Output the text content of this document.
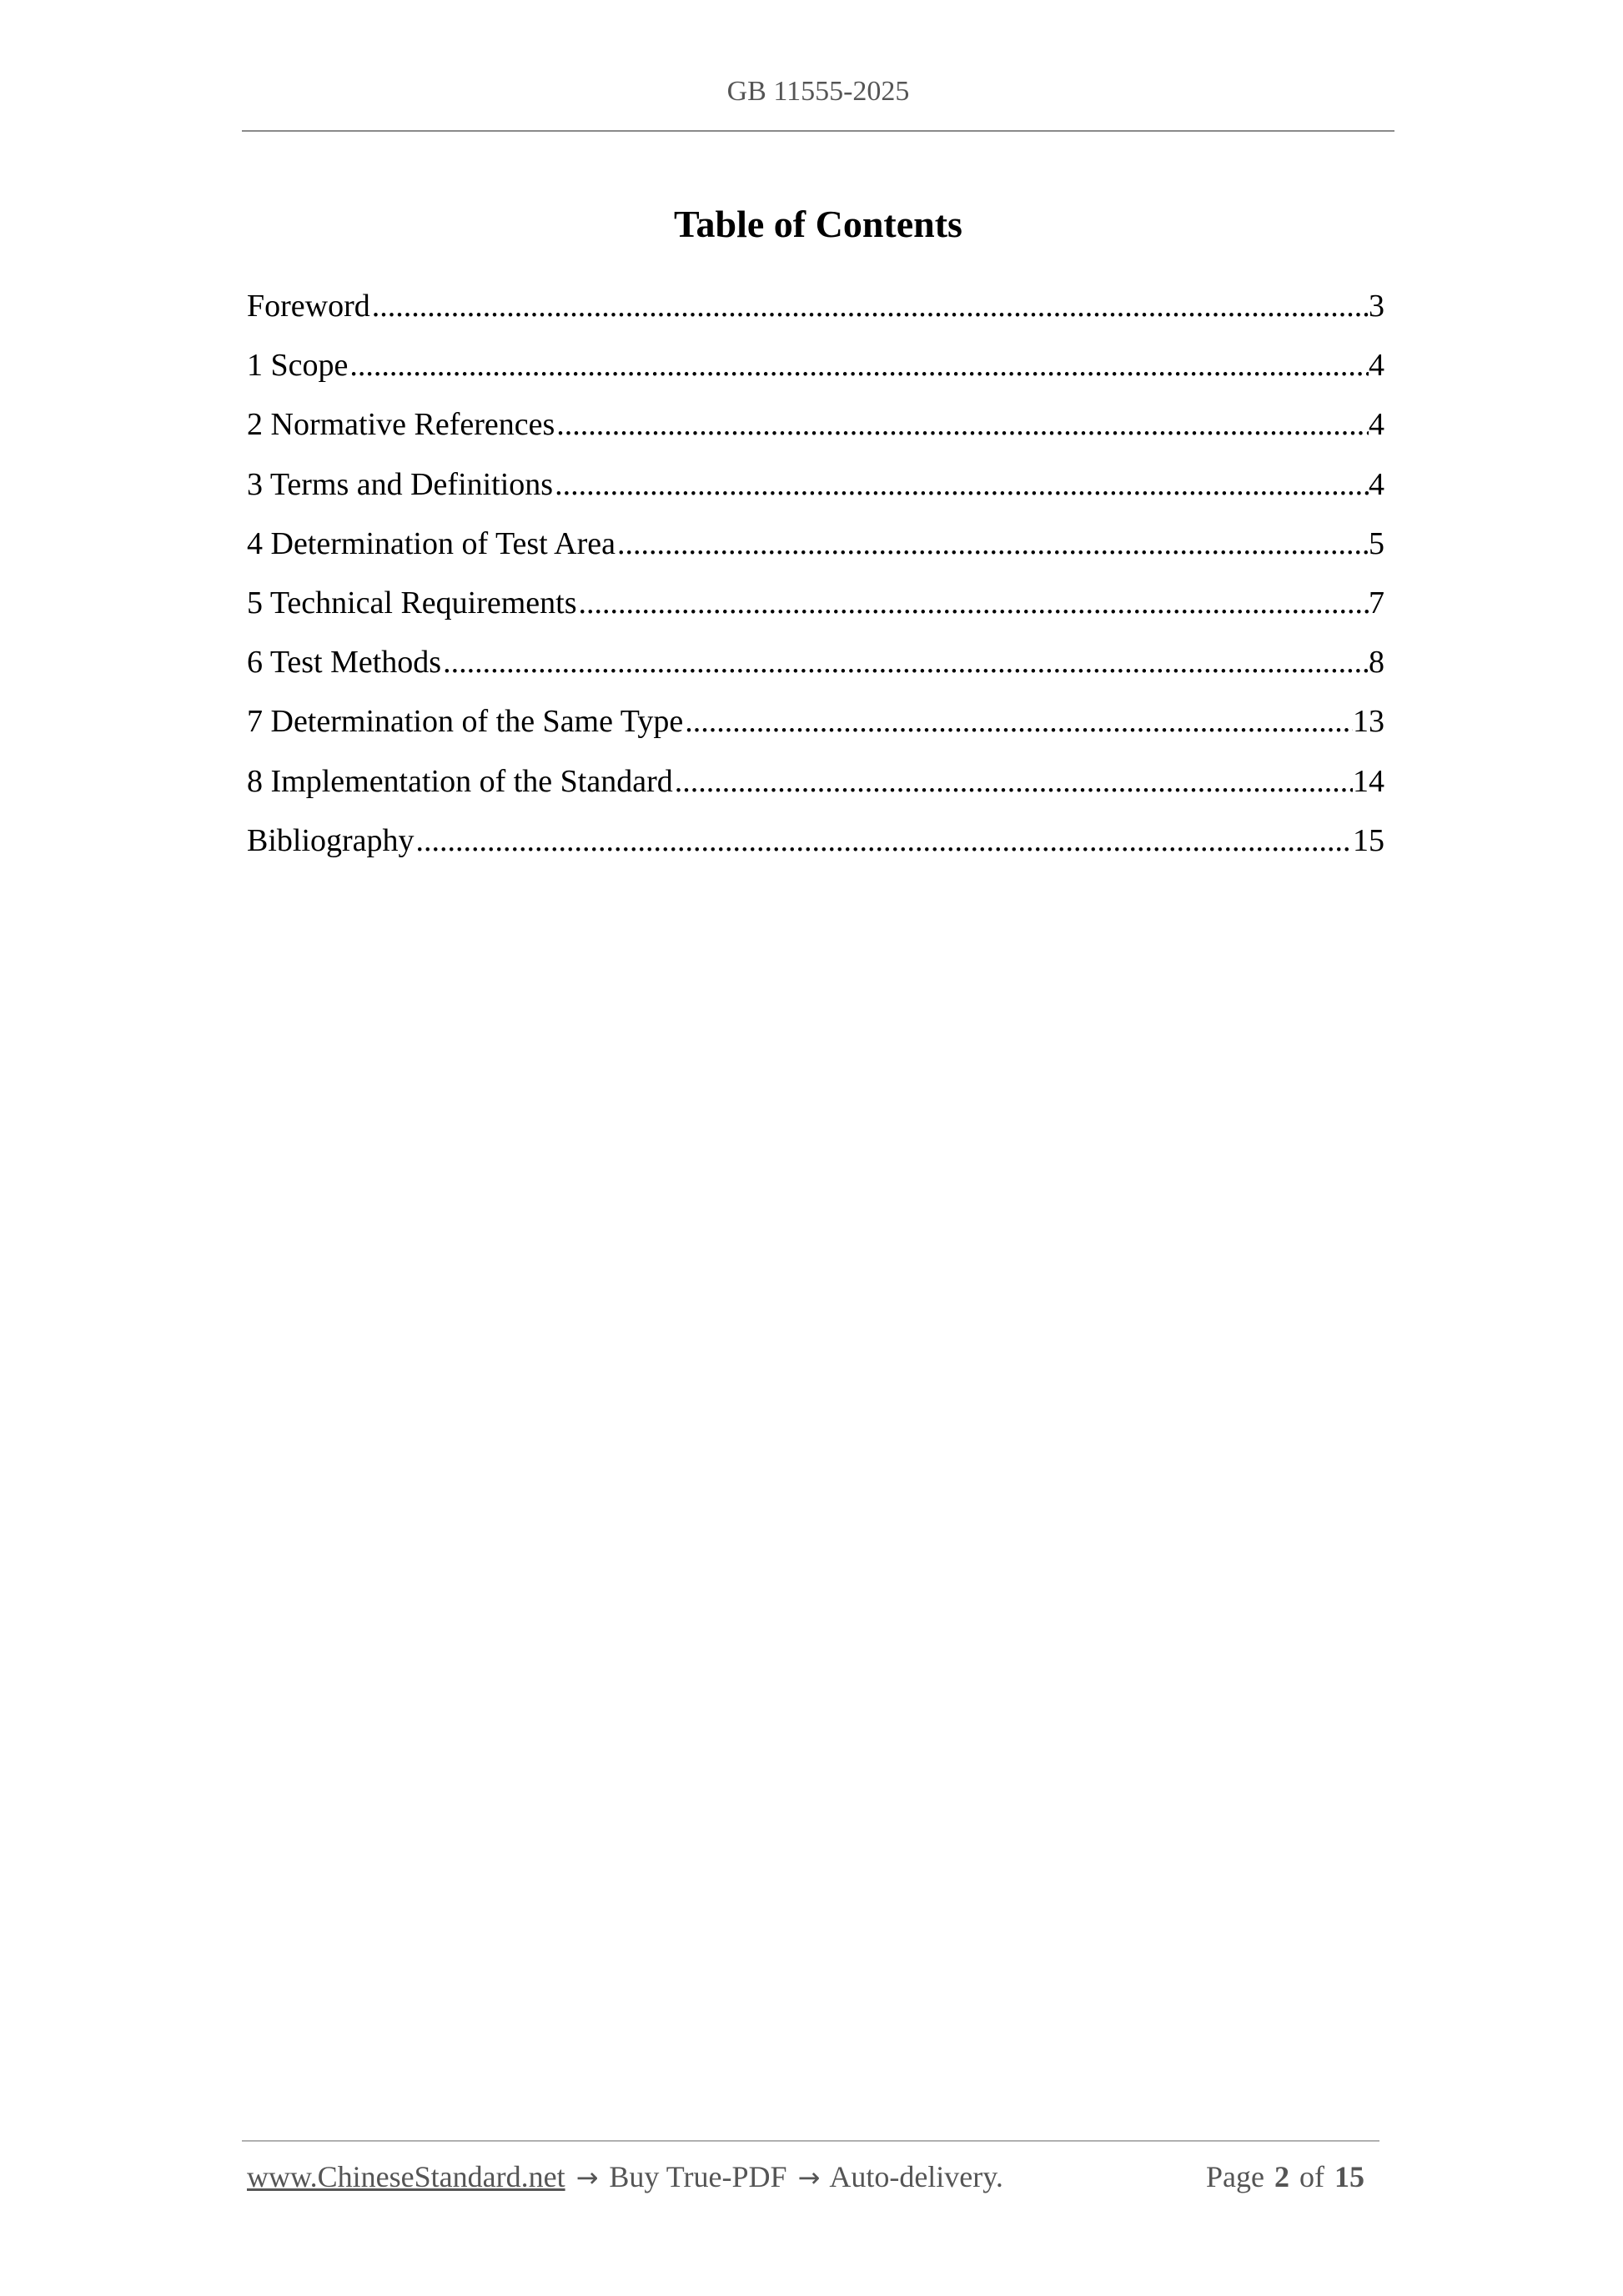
GB 11555-2025
Table of Contents
Foreword .....	3
1 Scope .....	4
2 Normative References .....	4
3 Terms and Definitions .....	4
4 Determination of Test Area .....	5
5 Technical Requirements .....	7
6 Test Methods .....	8
7 Determination of the Same Type .....	13
8 Implementation of the Standard .....	14
Bibliography .....	15
www.ChineseStandard.net → Buy True-PDF → Auto-delivery.	Page 2 of 15
